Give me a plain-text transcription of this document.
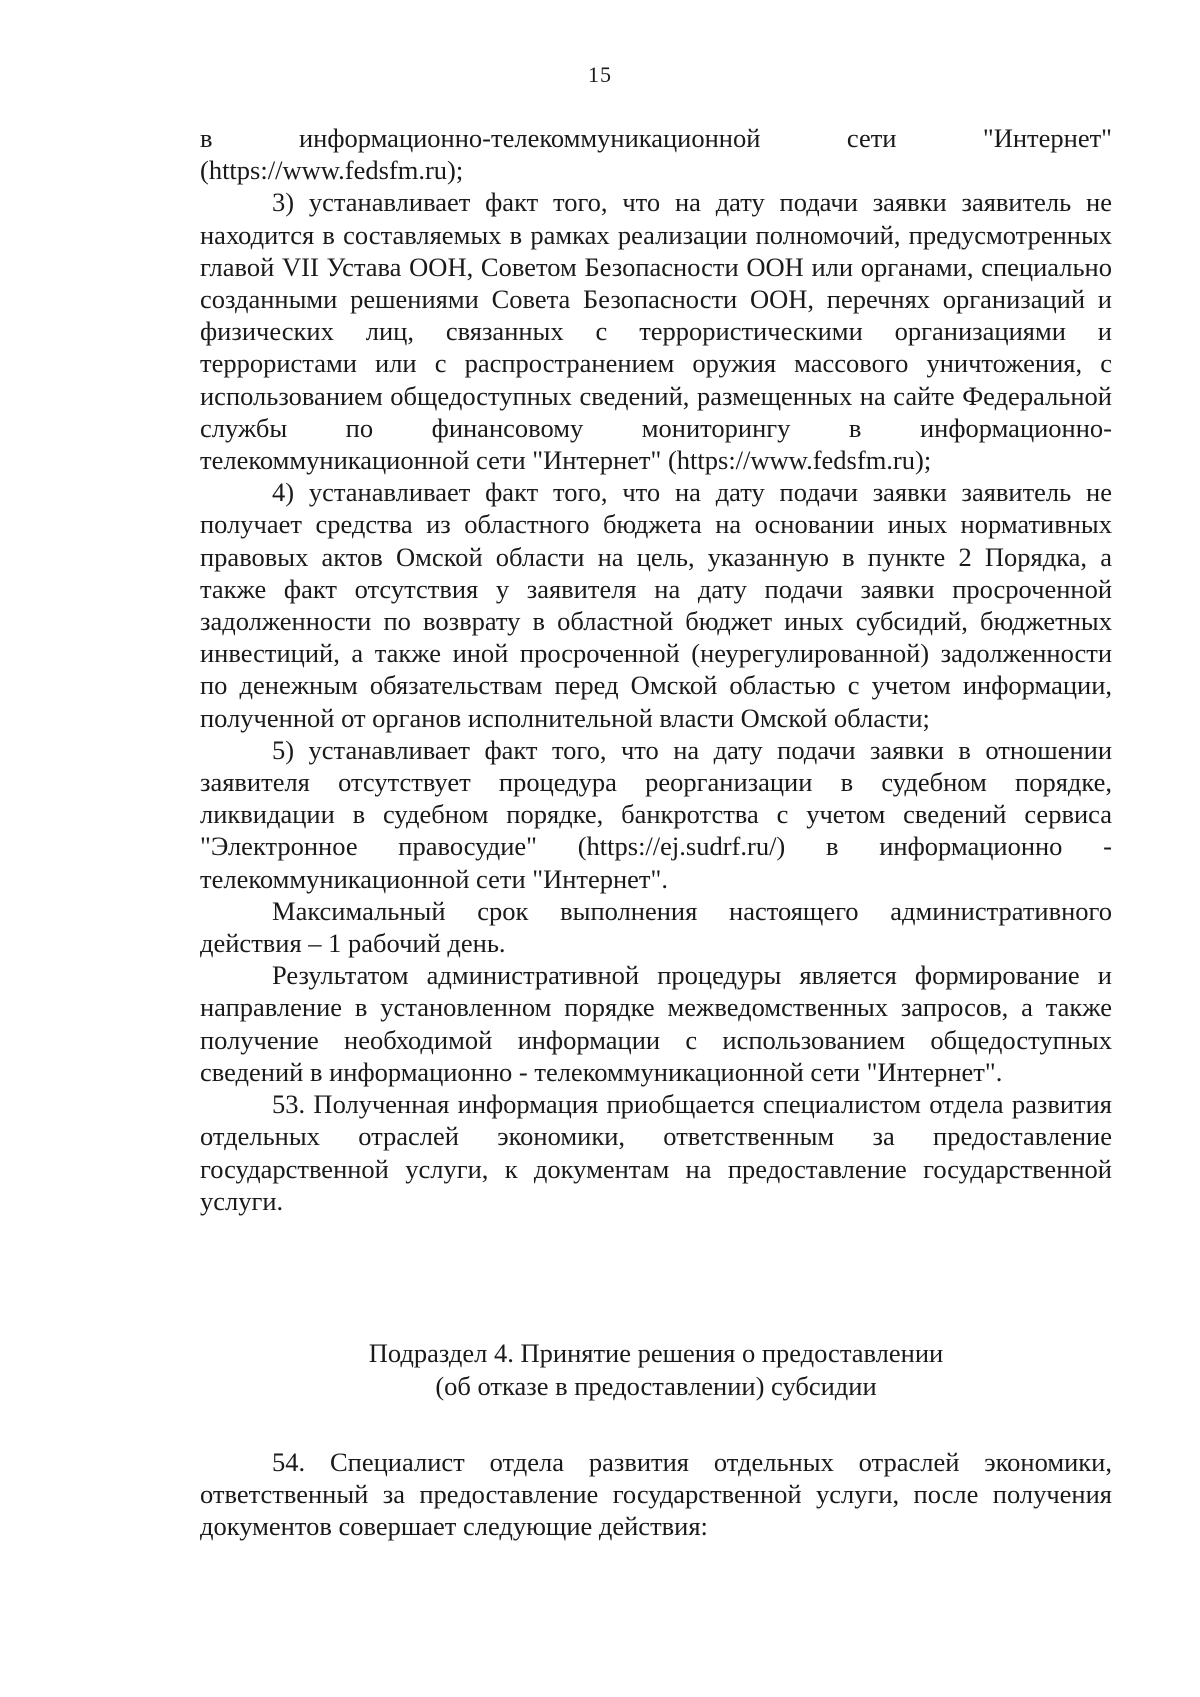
15

в информационно-телекоммуникационной сети "Интернет" (https://www.fedsfm.ru);

3) устанавливает факт того, что на дату подачи заявки заявитель не находится в составляемых в рамках реализации полномочий, предусмотренных главой VII Устава ООН, Советом Безопасности ООН или органами, специально созданными решениями Совета Безопасности ООН, перечнях организаций и физических лиц, связанных с террористическими организациями и террористами или с распространением оружия массового уничтожения, с использованием общедоступных сведений, размещенных на сайте Федеральной службы по финансовому мониторингу в информационно-телекоммуникационной сети "Интернет" (https://www.fedsfm.ru);

4) устанавливает факт того, что на дату подачи заявки заявитель не получает средства из областного бюджета на основании иных нормативных правовых актов Омской области на цель, указанную в пункте 2 Порядка, а также факт отсутствия у заявителя на дату подачи заявки просроченной задолженности по возврату в областной бюджет иных субсидий, бюджетных инвестиций, а также иной просроченной (неурегулированной) задолженности по денежным обязательствам перед Омской областью с учетом информации, полученной от органов исполнительной власти Омской области;

5) устанавливает факт того, что на дату подачи заявки в отношении заявителя отсутствует процедура реорганизации в судебном порядке, ликвидации в судебном порядке, банкротства с учетом сведений сервиса "Электронное правосудие" (https://ej.sudrf.ru/) в информационно - телекоммуникационной сети "Интернет".

Максимальный срок выполнения настоящего административного действия – 1 рабочий день.

Результатом административной процедуры является формирование и направление в установленном порядке межведомственных запросов, а также получение необходимой информации с использованием общедоступных сведений в информационно - телекоммуникационной сети "Интернет".

53. Полученная информация приобщается специалистом отдела развития отдельных отраслей экономики, ответственным за предоставление государственной услуги, к документам на предоставление государственной услуги.

Подраздел 4. Принятие решения о предоставлении
(об отказе в предоставлении) субсидии

54. Специалист отдела развития отдельных отраслей экономики, ответственный за предоставление государственной услуги, после получения документов совершает следующие действия:
